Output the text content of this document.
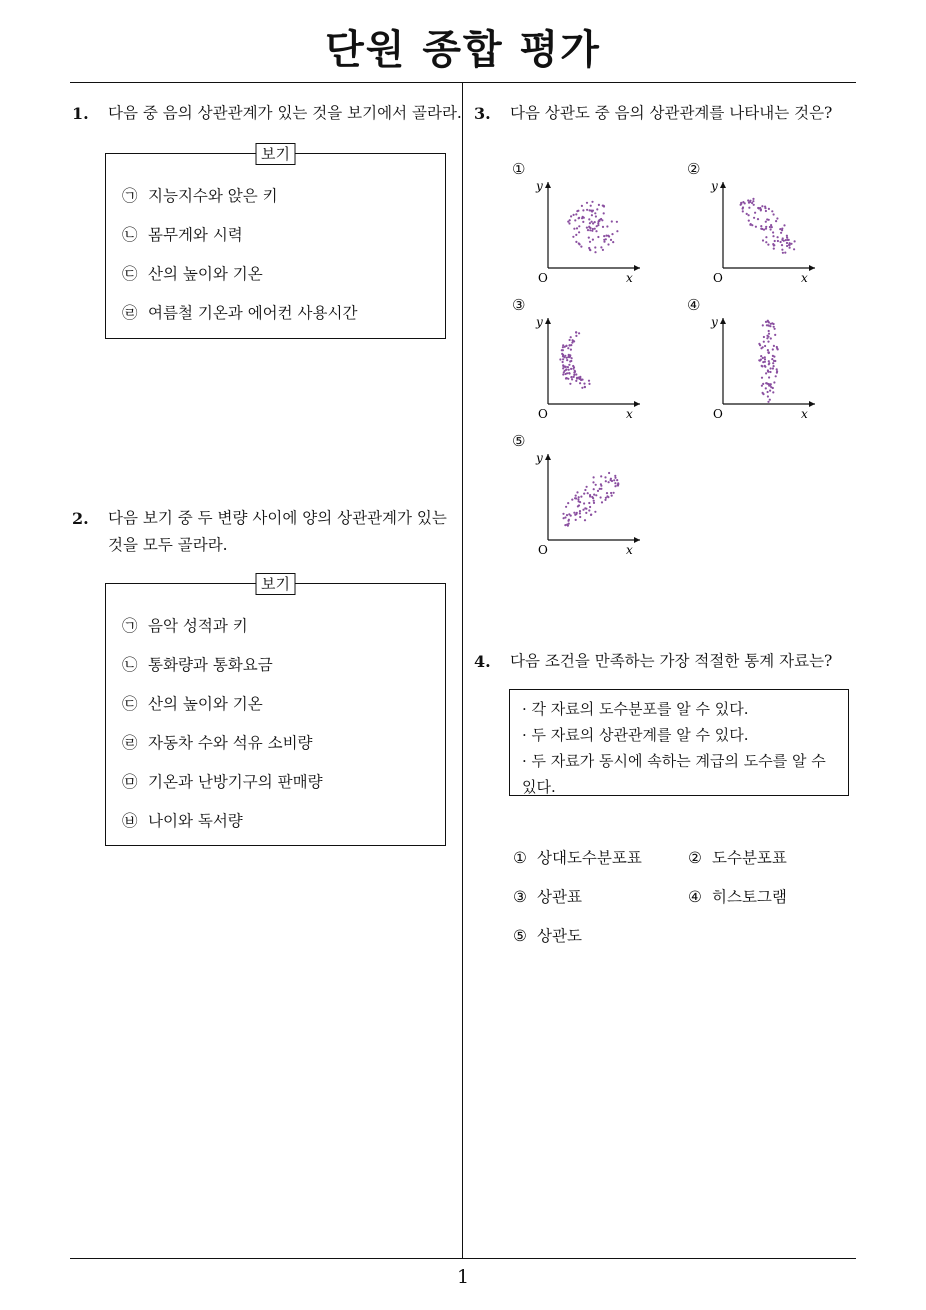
단원 종합 평가
1. 다음 중 음의 상관관계가 있는 것을 보기에서 골라라.
보기
㉠ 지능지수와 앉은 키
㉡ 몸무게와 시력
㉢ 산의 높이와 기온
㉣ 여름철 기온과 에어컨 사용시간
2. 다음 보기 중 두 변량 사이에 양의 상관관계가 있는
것을 모두 골라라.
보기
㉠ 음악 성적과 키
㉡ 통화량과 통화요금
㉢ 산의 높이와 기온
㉣ 자동차 수와 석유 소비량
㉤ 기온과 난방기구의 판매량
㉥ 나이와 독서량
3. 다음 상관도 중 음의 상관관계를 나타내는 것은?
①
y
x
O
②
y
x
O
③
y
x
O
④
y
x
O
⑤
y
x
O
4. 다음 조건을 만족하는 가장 적절한 통계 자료는?
· 각 자료의 도수분포를 알 수 있다.
· 두 자료의 상관관계를 알 수 있다.
· 두 자료가 동시에 속하는 계급의 도수를 알 수
있다.
① 상대도수분포표	② 도수분포표
③ 상관표	④ 히스토그램
⑤ 상관도
1
